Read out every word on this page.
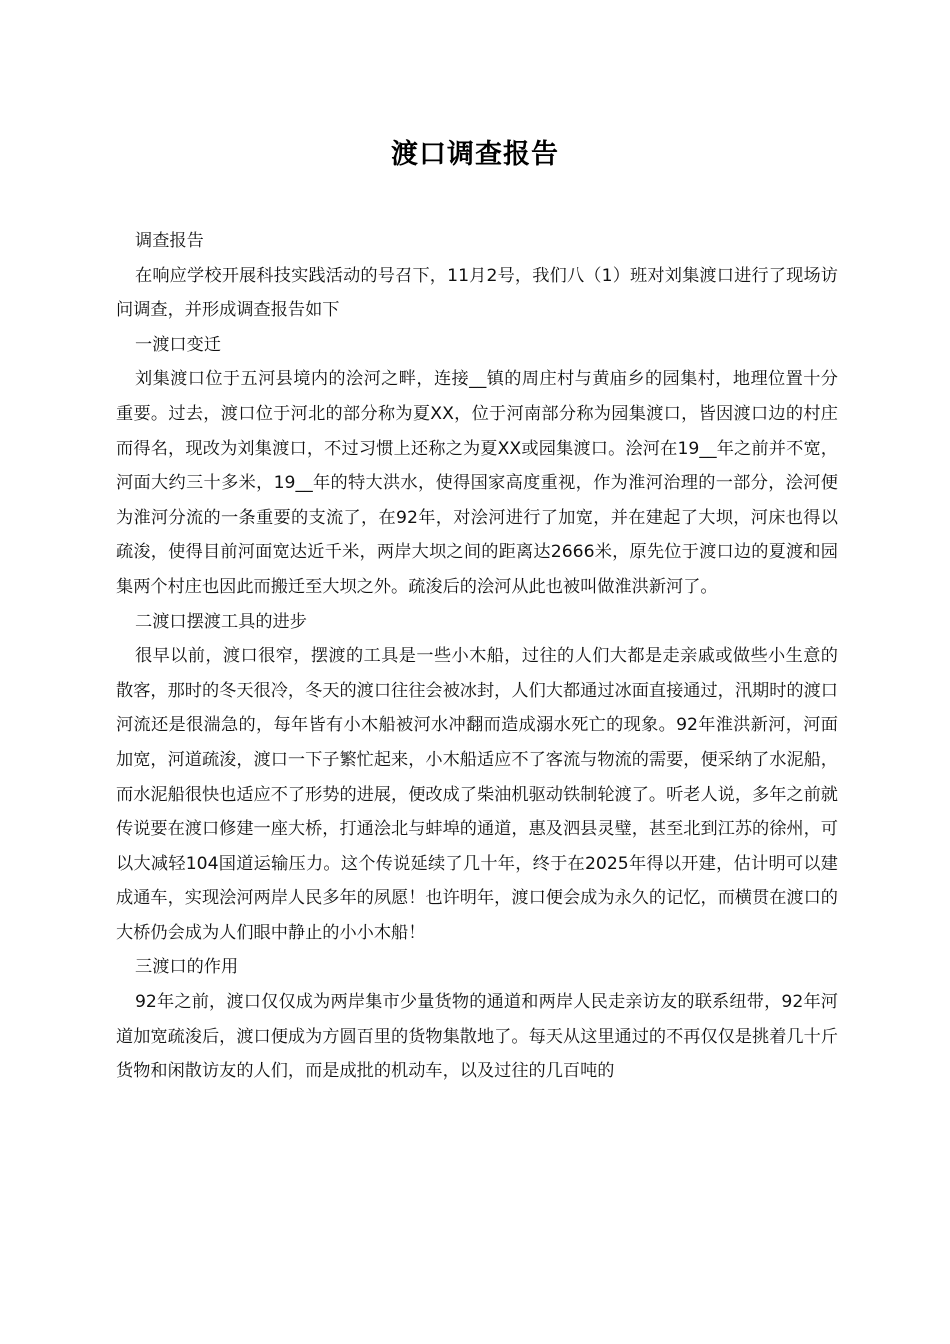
渡口调查报告

调查报告

在响应学校开展科技实践活动的号召下，11月2号，我们八（1）班对刘集渡口进行了现场访问调查，并形成调查报告如下

一渡口变迁

刘集渡口位于五河县境内的浍河之畔，连接__镇的周庄村与黄庙乡的园集村，地理位置十分重要。过去，渡口位于河北的部分称为夏XX，位于河南部分称为园集渡口，皆因渡口边的村庄而得名，现改为刘集渡口，不过习惯上还称之为夏XX或园集渡口。浍河在19__年之前并不宽，河面大约三十多米，19__年的特大洪水，使得国家高度重视，作为淮河治理的一部分，浍河便为淮河分流的一条重要的支流了，在92年，对浍河进行了加宽，并在建起了大坝，河床也得以疏浚，使得目前河面宽达近千米，两岸大坝之间的距离达2666米，原先位于渡口边的夏渡和园集两个村庄也因此而搬迁至大坝之外。疏浚后的浍河从此也被叫做淮洪新河了。

二渡口摆渡工具的进步

很早以前，渡口很窄，摆渡的工具是一些小木船，过往的人们大都是走亲戚或做些小生意的散客，那时的冬天很冷，冬天的渡口往往会被冰封，人们大都通过冰面直接通过，汛期时的渡口河流还是很湍急的，每年皆有小木船被河水冲翻而造成溺水死亡的现象。92年淮洪新河，河面加宽，河道疏浚，渡口一下子繁忙起来，小木船适应不了客流与物流的需要，便采纳了水泥船，而水泥船很快也适应不了形势的进展，便改成了柴油机驱动铁制轮渡了。听老人说，多年之前就传说要在渡口修建一座大桥，打通浍北与蚌埠的通道，惠及泗县灵璧，甚至北到江苏的徐州，可以大减轻104国道运输压力。这个传说延续了几十年，终于在2025年得以开建，估计明可以建成通车，实现浍河两岸人民多年的夙愿！也许明年，渡口便会成为永久的记忆，而横贯在渡口的大桥仍会成为人们眼中静止的小小木船！

三渡口的作用

92年之前，渡口仅仅成为两岸集市少量货物的通道和两岸人民走亲访友的联系纽带，92年河道加宽疏浚后，渡口便成为方圆百里的货物集散地了。每天从这里通过的不再仅仅是挑着几十斤货物和闲散访友的人们，而是成批的机动车，以及过往的几百吨的
